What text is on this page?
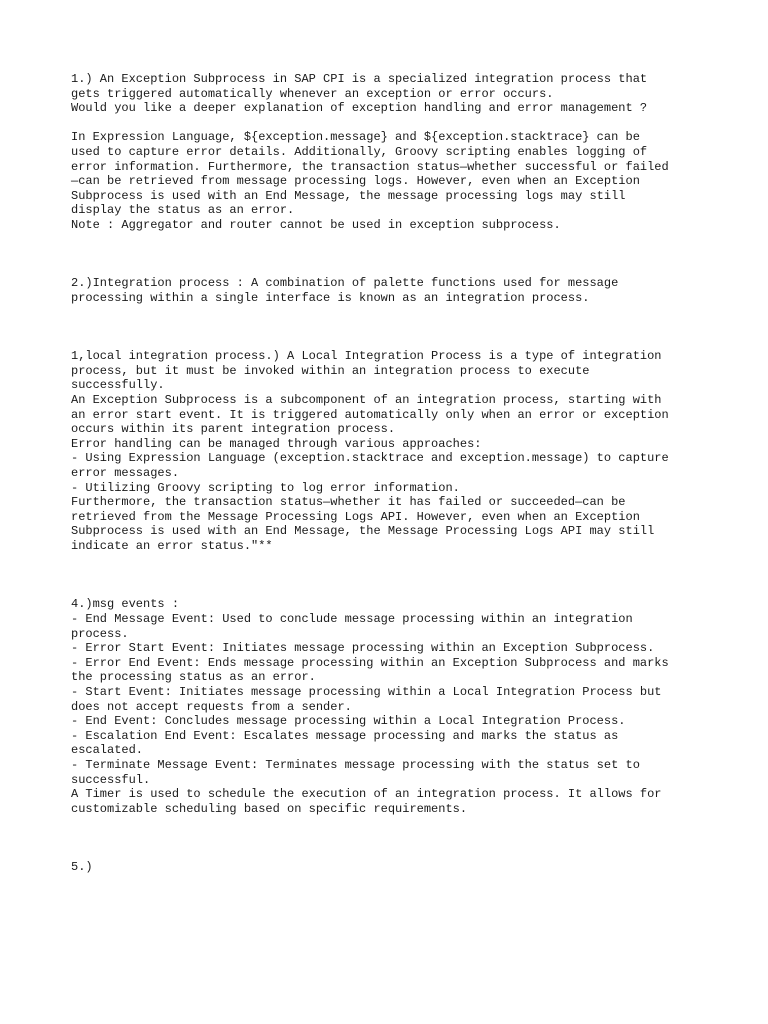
1.) An Exception Subprocess in SAP CPI is a specialized integration process that
gets triggered automatically whenever an exception or error occurs.
Would you like a deeper explanation of exception handling and error management ?
In Expression Language, ${exception.message} and ${exception.stacktrace} can be
used to capture error details. Additionally, Groovy scripting enables logging of
error information. Furthermore, the transaction status—whether successful or failed
—can be retrieved from message processing logs. However, even when an Exception
Subprocess is used with an End Message, the message processing logs may still
display the status as an error.
Note : Aggregator and router cannot be used in exception subprocess.
2.)Integration process : A combination of palette functions used for message
processing within a single interface is known as an integration process.
1,local integration process.) A Local Integration Process is a type of integration
process, but it must be invoked within an integration process to execute
successfully.
An Exception Subprocess is a subcomponent of an integration process, starting with
an error start event. It is triggered automatically only when an error or exception
occurs within its parent integration process.
Error handling can be managed through various approaches:
- Using Expression Language (exception.stacktrace and exception.message) to capture
error messages.
- Utilizing Groovy scripting to log error information.
Furthermore, the transaction status—whether it has failed or succeeded—can be
retrieved from the Message Processing Logs API. However, even when an Exception
Subprocess is used with an End Message, the Message Processing Logs API may still
indicate an error status."**
4.)msg events :
- End Message Event: Used to conclude message processing within an integration
process.
- Error Start Event: Initiates message processing within an Exception Subprocess.
- Error End Event: Ends message processing within an Exception Subprocess and marks
the processing status as an error.
- Start Event: Initiates message processing within a Local Integration Process but
does not accept requests from a sender.
- End Event: Concludes message processing within a Local Integration Process.
- Escalation End Event: Escalates message processing and marks the status as
escalated.
- Terminate Message Event: Terminates message processing with the status set to
successful.
A Timer is used to schedule the execution of an integration process. It allows for
customizable scheduling based on specific requirements.
5.)
